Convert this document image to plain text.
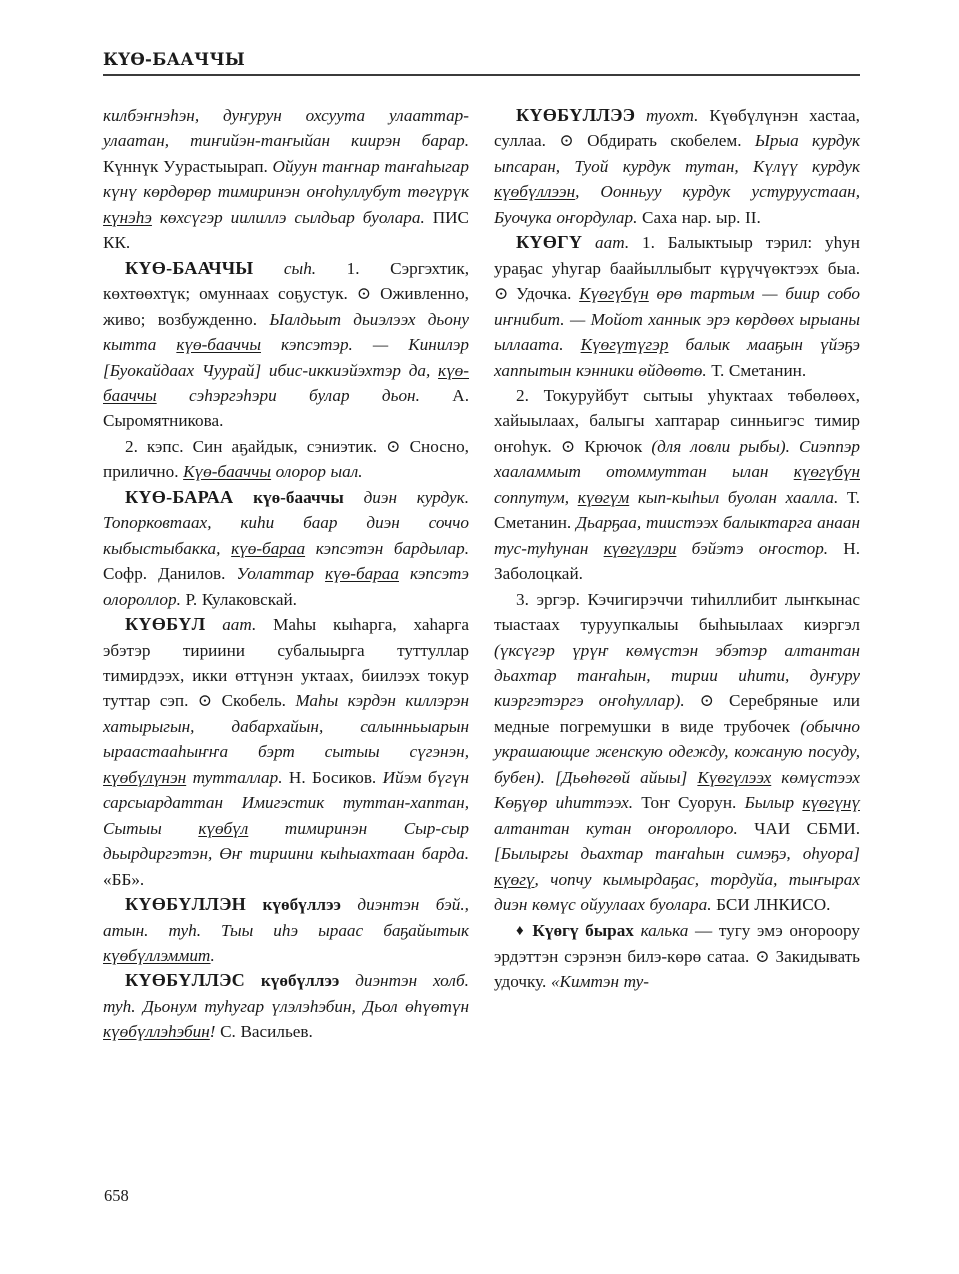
КҮӨ-БААЧЧЫ

килбэҥнэһэн, дуҥурун охсуута улааттар-улаатан, тиҥийэн-таҥыйан киирэн барар. Күннүк Уурастыырап. Ойуун таҥнар таҥаһыгар күнү көрдөрөр тимиринэн оҥоһуллубут төгүрүк күнэһэ көхсүгэр иилиллэ сылдьар буолара. ПИС КК.

КҮӨ-БААЧЧЫ сыһ. 1. Сэргэхтик, көхтөөхтүк; омуннаах соҕустук. ⊙ Оживленно, живо; возбужденно. Ыалдьыт дьиэлээх дьону кытта күө-бааччы кэпсэтэр. — Кинилэр [Буокайдаах Чуурай] ибис-иккиэйэхтэр да, күө-бааччы сэһэргэһэри булар дьон. А. Сыромятникова.

2. кэпс. Син аҕайдык, сэниэтик. ⊙ Сносно, прилично. Күө-бааччы олорор ыал.

КҮӨ-БАРАА күө-бааччы диэн курдук. Топорковтаах, киһи баар диэн соччо кыбыстыбакка, күө-бараа кэпсэтэн бардылар. Софр. Данилов. Уолаттар күө-бараа кэпсэтэ олороллор. Р. Кулаковскай.

КҮӨБҮЛ аат. Маһы кыһарга, хаһарга эбэтэр тириини субалыырга туттуллар тимирдээх, икки өттүнэн уктаах, биилээх токур туттар сэп. ⊙ Скобель. Маһы кэрдэн киллэрэн хатырыгын, дабархайын, салынньыарын ыраастааһыҥҥа бэрт сытыы сүгэнэн, күөбүлүнэн тутталлар. Н. Босиков. Ийэм бүгүн сарсыардаттан Имигэстик туттан-хаптан, Сытыы күөбүл тимиринэн Сыр-сыр дьырдиргэтэн, Өҥ тириини кыһыахтаан барда. «ББ».

КҮӨБҮЛЛЭН күөбүллээ диэнтэн бэй., атын. туһ. Тыы иһэ ыраас баҕайытык күөбүллэммит.

КҮӨБҮЛЛЭС күөбүллээ диэнтэн холб. туһ. Дьонум туһугар үлэлэһэбин, Дьол өһүөтүн күөбүллэһэбин! С. Васильев.

КҮӨБҮЛЛЭЭ туохт. Күөбүлүнэн хастаа, суллаа. ⊙ Обдирать скобелем. Ырыа курдук ыпсаран, Туой курдук тутан, Күлүү курдук күөбүллээн, Оонньуу курдук устуруустаан, Буочука оҥордулар. Саха нар. ыр. II.

КҮӨГҮ аат. 1. Балыктыыр тэрил: уһун ураҕас уһугар баайыллыбыт күрүчүөктээх быа. ⊙ Удочка. Күөгүбүн өрө тартым — биир собо иҥнибит. — Мойот ханнык эрэ көрдөөх ырыаны ыллаата. Күөгүтүгэр балык мааҕын үйэҕэ хаппытын кэнники өйдөөтө. Т. Сметанин.

2. Токуруйбут сытыы уһуктаах төбөлөөх, хайыылаах, балыгы хаптарар синньигэс тимир оҥоһук. ⊙ Крючок (для ловли рыбы). Сиэппэр хааламмыт отоммуттан ылан күөгүбүн соппутум, күөгүм кып-кыһыл буолан хаалла. Т. Сметанин. Дьарҕаа, тиистээх балыктарга анаан тус-туһунан күөгүлэри бэйэтэ оҥостор. Н. Заболоцкай.

3. эргэр. Кэчигирэччи тиһиллибит лыҥкынас тыастаах туруупкалыы быһыылаах киэргэл (үксүгэр үрүҥ көмүстэн эбэтэр алтантан дьахтар таҥаһын, тирии иһити, дуҥуру киэргэтэргэ оҥоһуллар). ⊙ Серебряные или медные погремушки в виде трубочек (обычно украшающие женскую одежду, кожаную посуду, бубен). [Дьөһөгөй айыы] Күөгүлээх көмүстээх Көҕүөр иһиттээх. Тоҥ Суорун. Былыр күөгүнү алтантан кутан оҥороллоро. ЧАИ СБМИ. [Былыргы дьахтар таҥаһын симэҕэ, оһуора] күөгү, чопчу кымырдаҕас, тордуйа, тыҥырах диэн көмүс ойуулаах буолара. БСИ ЛНКИСО.

♦ Күөгү бырах калька — тугу эмэ оҥороору эрдэттэн сэрэнэн билэ-көрө сатаа. ⊙ Закидывать удочку. «Кимтэн ту-

658
